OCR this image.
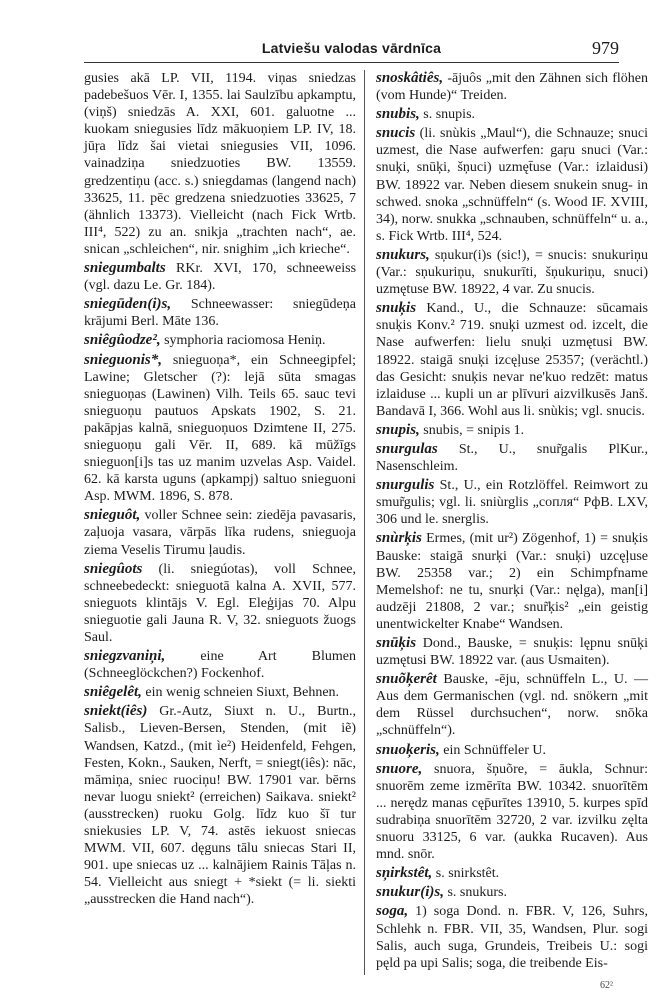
Latviešu valodas vārdnīca	979
gusies akā LP. VII, 1194. viņas sniedzas padebešuos Vēr. I, 1355. lai Saulzību apkamptu, (viņš) sniedzās A. XXI, 601. galuotne ... kuokam sniegusies līdz mākuoņiem LP. IV, 18. jūŗa līdz šai vietai sniegusies VII, 1096. vainadziņa sniedzuoties BW. 13559. gredzentiņu (acc. s.) sniegdamas (langend nach) 33625, 11. pēc gredzena sniedzuoties 33625, 7 (ähnlich 13373). Vielleicht (nach Fick Wrtb. III⁴, 522) zu an. snikja „trachten nach“, ae. snican „schleichen“, nir. snighim „ich krieche“.
sniegumbalts RKr. XVI, 170, schneeweiss (vgl. dazu Le. Gr. 184).
sniegūden(i)s, Schneewasser: sniegūdeņa krājumi Berl. Māte 136.
sniêgûodze², symphoria raciomosa Heniņ.
snieguonis*, snieguoņa*, ein Schneegipfel; Lawine; Gletscher (?): lejā sūta smagas snieguoņas (Lawinen) Vilh. Teils 65. sauc tevi snieguoņu pautuos Apskats 1902, S. 21. pakāpjas kalnā, snieguoņuos Dzimtene II, 275. snieguoņu gali Vēr. II, 689. kā mūžīgs snieguon[i]s tas uz manim uzvelas Asp. Vaidel. 62. kā karsta uguns (apkampj) saltuo snieguoni Asp. MWM. 1896, S. 878.
snieguôt, voller Schnee sein: ziedēja pavasaris, zaļuoja vasara, vārpās līka rudens, snieguoja ziema Veselis Tirumu ļaudis.
sniegûots (li. sniegúotas), voll Schnee, schneebedeckt: snieguotā kalna A. XVII, 577. snieguots klintājs V. Egl. Eleģijas 70. Alpu snieguotie gali Jauna R. V, 32. snieguots žuogs Saul.
sniegzvaniņi,	eine Art Blumen (Schneeglöckchen?) Fockenhof.
sniêgelêt, ein wenig schneien Siuxt, Behnen.
sniekt(iês) Gr.-Autz, Siuxt n. U., Burtn., Salisb., Lieven-Bersen, Stenden, (mit iẽ) Wandsen, Katzd., (mit ìe²) Heidenfeld, Fehgen, Festen, Kokn., Sauken, Nerft, = sniegt(iês): nāc, māmiņa, sniec ruociņu! BW. 17901 var. bērns nevar luogu sniekt² (erreichen) Saikava. sniekt² (ausstrecken) ruoku Golg. līdz kuo šī tur sniekusies LP. V, 74. astēs iekuost sniecas MWM. VII, 607. dęguns tālu sniecas Stari II, 901. upe sniecas uz ... kalnājiem Rainis Tāļas n. 54. Vielleicht aus sniegt + *siekt (= li. siekti „ausstrecken die Hand nach“).
snoskâtiês, -ājuôs „mit den Zähnen sich flöhen (vom Hunde)“ Treiden.
snubis, s. snupis.
snucis (li. snùkis „Maul“), die Schnauze; snuci uzmest, die Nase aufwerfen: gaŗu snuci (Var.: snuķi, snūķi, šņuci) uzmęt̄use (Var.: izlaidusi) BW. 18922 var. Neben diesem snukein snug- in schwed. snoka „schnüffeln“ (s. Wood IF. XVIII, 34), norw. snukka „schnauben, schnüffeln“ u. a., s. Fick Wrtb. III⁴, 524.
snukurs, sņukur(i)s (sic!), = snucis: snukuriņu (Var.: sņukuriņu, snukurīti, šņukuriņu, snuci) uzmętuse BW. 18922, 4 var. Zu snucis.
snuķis Kand., U., die Schnauze: sūcamais snuķis Konv.² 719. snuķi uzmest od. izcelt, die Nase aufwerfen: lielu snuķi uzmętusi BW. 18922. staigā snuķi izcęļuse 25357; (verächtl.) das Gesicht: snuķis nevar ne'kuo redzēt: matus izlaiduse ... kupli un ar plīvuri aizvilkusēs Janš. Bandavā I, 366. Wohl aus li. snùkis; vgl. snucis.
snupis, snubis, = snipis 1.
snurgulas St., U., snur̃galis PlKur., Nasenschleim.
snurgulis St., U., ein Rotzlöffel. Reimwort zu smur̃gulis; vgl. li. sniùrglis „сопля“ РфВ. LXV, 306 und le. snerglis.
snùrķis Ermes, (mit ur²) Zögenhof, 1) = snuķis Bauske: staigā snurķi (Var.: snuķi) uzcęļuse BW. 25358 var.; 2) ein Schimpfname Memelshof: ne tu, snurķi (Var.: nęlga), man[i] audzēji 21808, 2 var.; snur̃ķis² „ein geistig unentwickelter Knabe“ Wandsen.
snūķis Dond., Bauske, = snuķis: lępnu snūķi uzmętusi BW. 18922 var. (aus Usmaiten).
snuõķerêt Bauske, -ēju, schnüffeln L., U. — Aus dem Germanischen (vgl. nd. snökern „mit dem Rüssel durchsuchen“, norw. snōka „schnüffeln“).
snuoķeris, ein Schnüffeler U.
snuore, snuora, šņuõre, = āukla, Schnur: snuorēm zeme izmērīta BW. 10342. snuorītēm ... nerędz manas cęp̄urītes 13910, 5. kurpes spīd sudrabiņa snuorītēm 32720, 2 var. izvilku zęlta snuoru 33125, 6 var. (aukka Rucaven). Aus mnd. snōr.
sņirkstêt, s. snirkstêt.
snukur(i)s, s. snukurs.
soga, 1) soga Dond. n. FBR. V, 126, Suhrs, Schlehk n. FBR. VII, 35, Wandsen, Plur. sogi Salis, auch suga, Grundeis, Treibeis U.: sogi pęld pa upi Salis; soga, die treibende Eis-
62²
